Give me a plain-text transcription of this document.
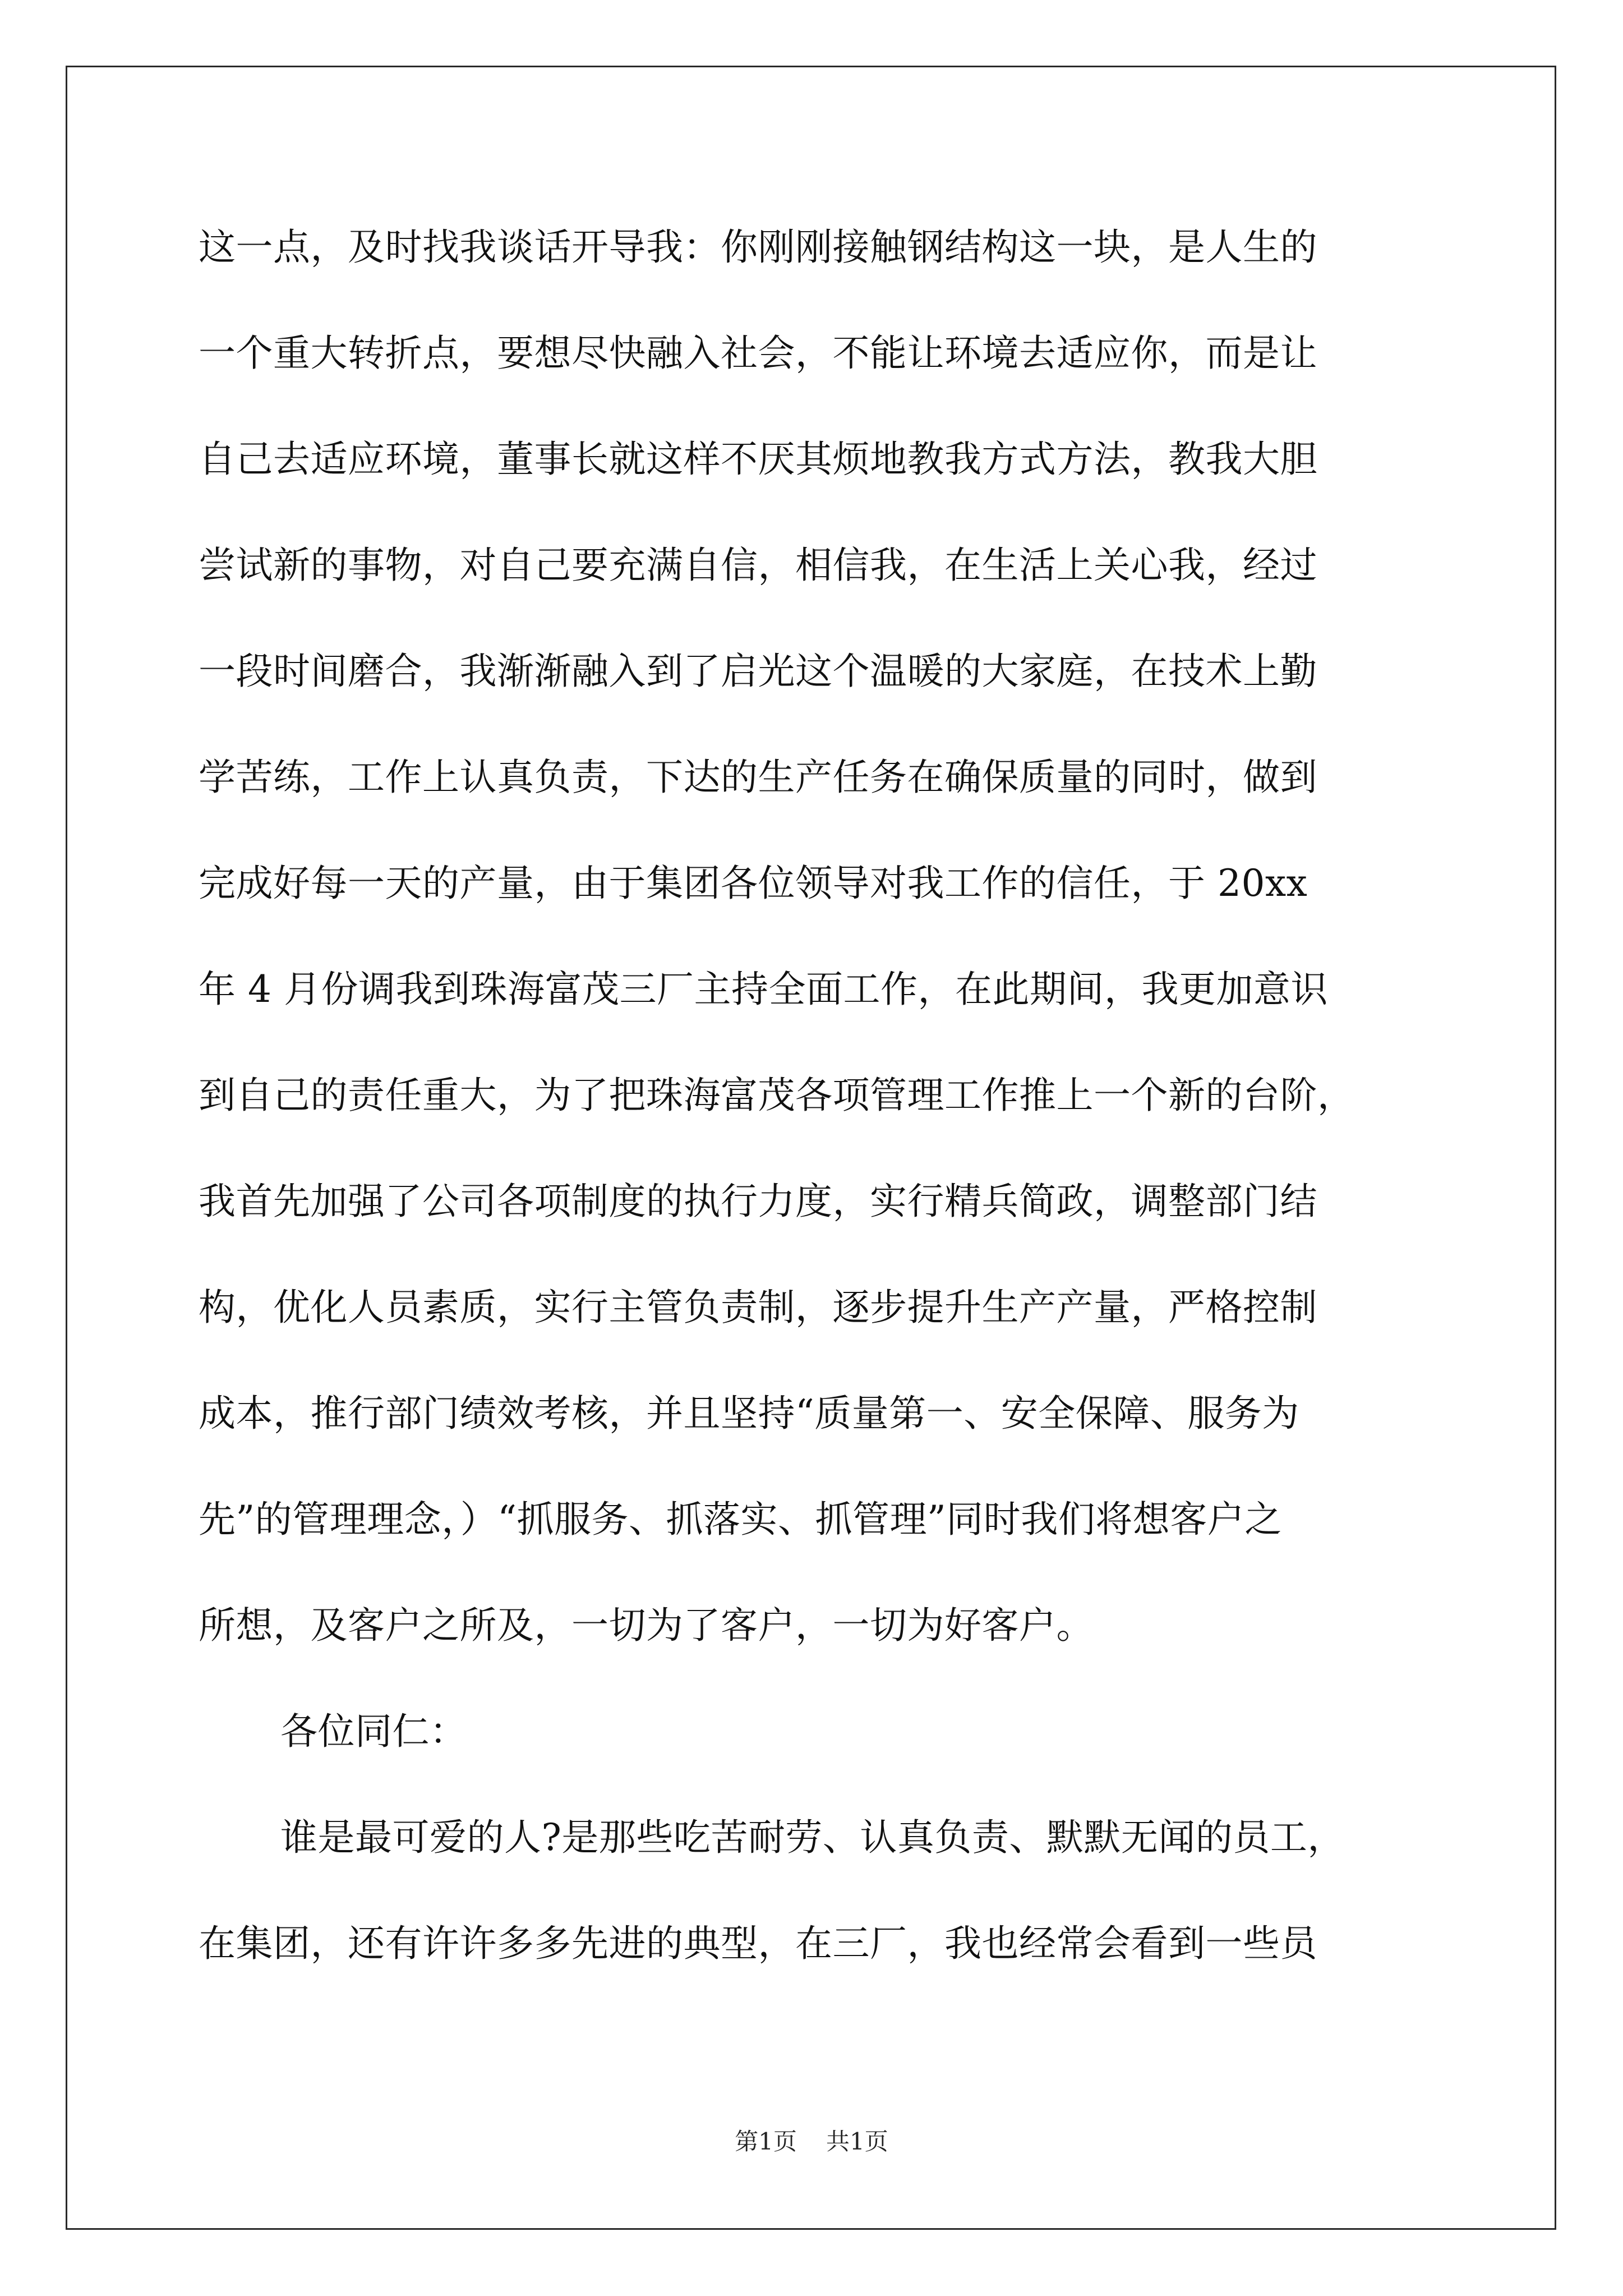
这一点，及时找我谈话开导我：你刚刚接触钢结构这一块，是人生的
一个重大转折点，要想尽快融入社会，不能让环境去适应你，而是让
自己去适应环境，董事长就这样不厌其烦地教我方式方法，教我大胆
尝试新的事物，对自己要充满自信，相信我，在生活上关心我，经过
一段时间磨合，我渐渐融入到了启光这个温暖的大家庭，在技术上勤
学苦练，工作上认真负责，下达的生产任务在确保质量的同时，做到
完成好每一天的产量，由于集团各位领导对我工作的信任，于 20xx
年 4 月份调我到珠海富茂三厂主持全面工作，在此期间，我更加意识
到自己的责任重大，为了把珠海富茂各项管理工作推上一个新的台阶，
我首先加强了公司各项制度的执行力度，实行精兵简政，调整部门结
构，优化人员素质，实行主管负责制，逐步提升生产产量，严格控制
成本，推行部门绩效考核，并且坚持“质量第一、安全保障、服务为
先”的管理理念，）“抓服务、抓落实、抓管理”同时我们将想客户之
所想，及客户之所及，一切为了客户，一切为好客户。
各位同仁：
谁是最可爱的人?是那些吃苦耐劳、认真负责、默默无闻的员工，
在集团，还有许许多多先进的典型，在三厂，我也经常会看到一些员
第1页 共1页
